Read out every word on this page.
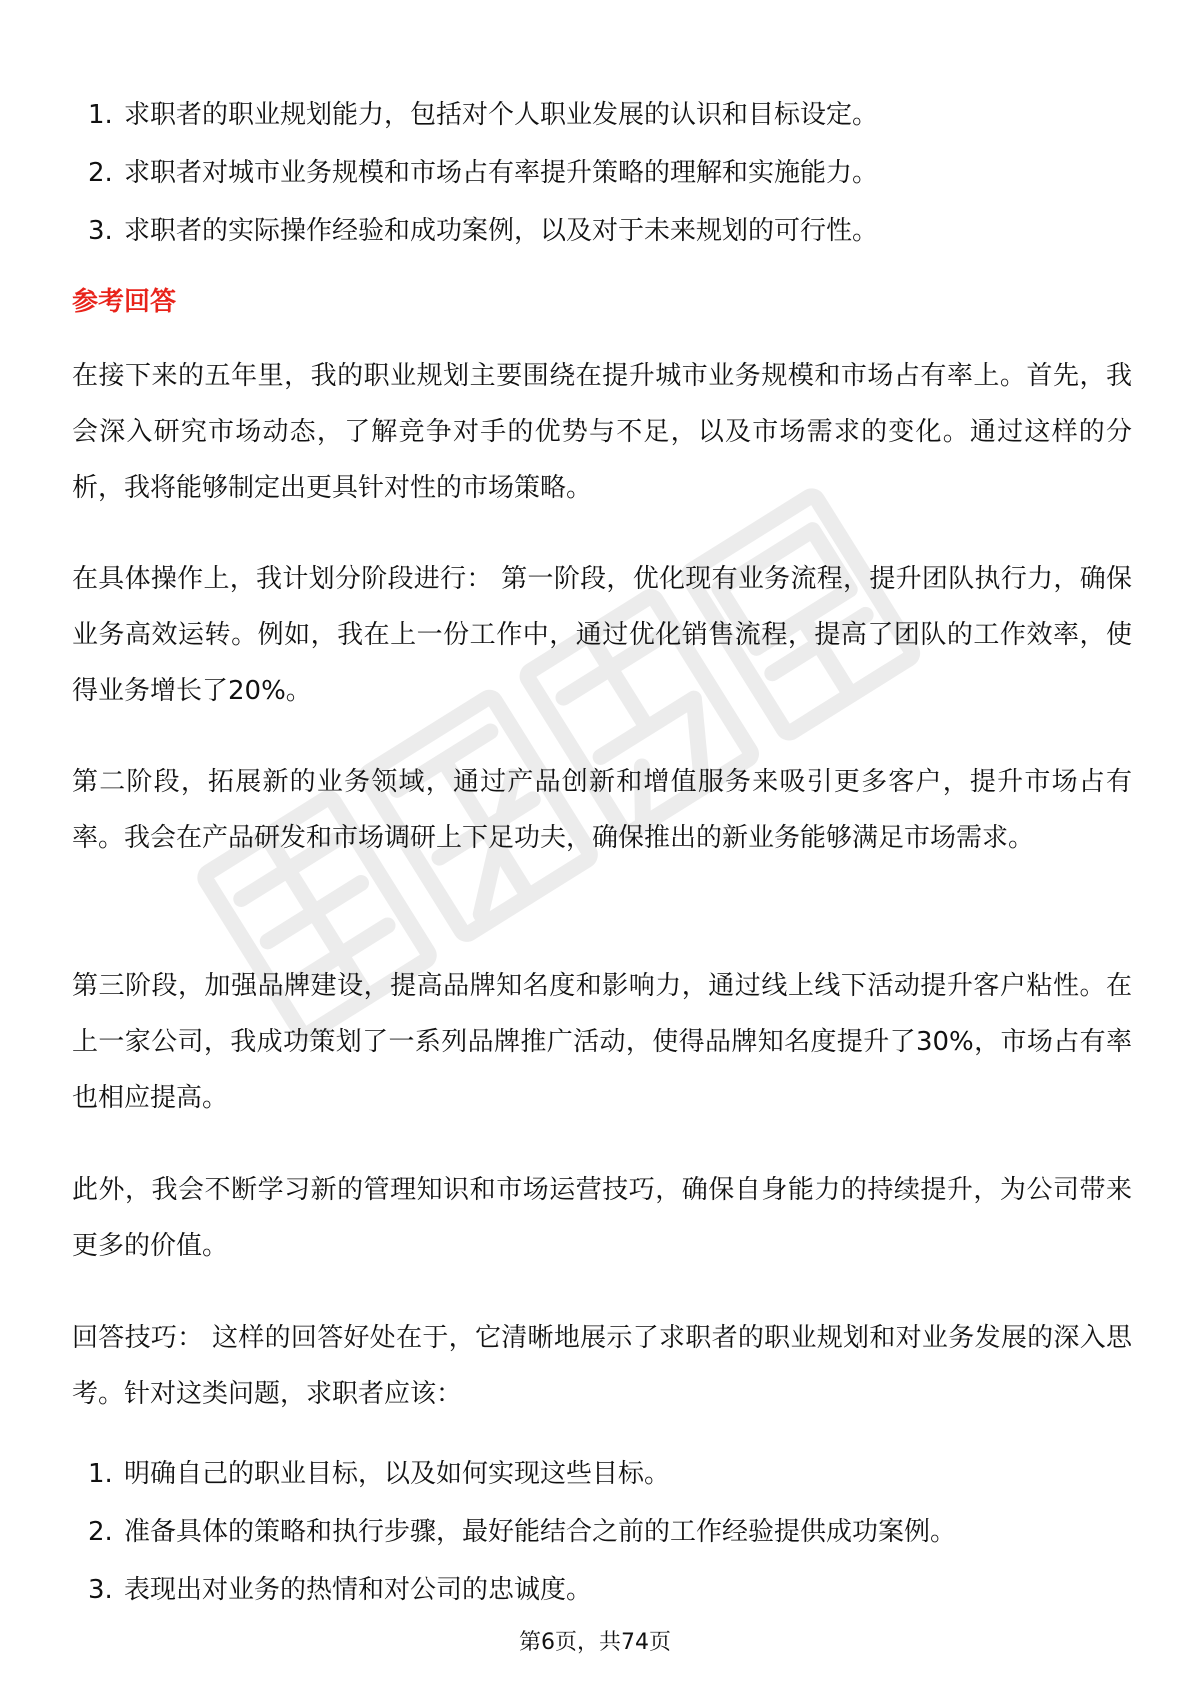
1. 求职者的职业规划能力，包括对个人职业发展的认识和目标设定。
2. 求职者对城市业务规模和市场占有率提升策略的理解和实施能力。
3. 求职者的实际操作经验和成功案例，以及对于未来规划的可行性。
参考回答

在接下来的五年里，我的职业规划主要围绕在提升城市业务规模和市场占有率上。首先，我会深入研究市场动态，了解竞争对手的优势与不足，以及市场需求的变化。通过这样的分析，我将能够制定出更具针对性的市场策略。

在具体操作上，我计划分阶段进行： 第一阶段，优化现有业务流程，提升团队执行力，确保业务高效运转。例如，我在上一份工作中，通过优化销售流程，提高了团队的工作效率，使得业务增长了20%。

第二阶段，拓展新的业务领域，通过产品创新和增值服务来吸引更多客户，提升市场占有率。我会在产品研发和市场调研上下足功夫，确保推出的新业务能够满足市场需求。

第三阶段，加强品牌建设，提高品牌知名度和影响力，通过线上线下活动提升客户粘性。在上一家公司，我成功策划了一系列品牌推广活动，使得品牌知名度提升了30%，市场占有率也相应提高。

此外，我会不断学习新的管理知识和市场运营技巧，确保自身能力的持续提升，为公司带来更多的价值。

回答技巧： 这样的回答好处在于，它清晰地展示了求职者的职业规划和对业务发展的深入思考。针对这类问题，求职者应该：

1. 明确自己的职业目标，以及如何实现这些目标。
2. 准备具体的策略和执行步骤，最好能结合之前的工作经验提供成功案例。
3. 表现出对业务的热情和对公司的忠诚度。
第6页，共74页
